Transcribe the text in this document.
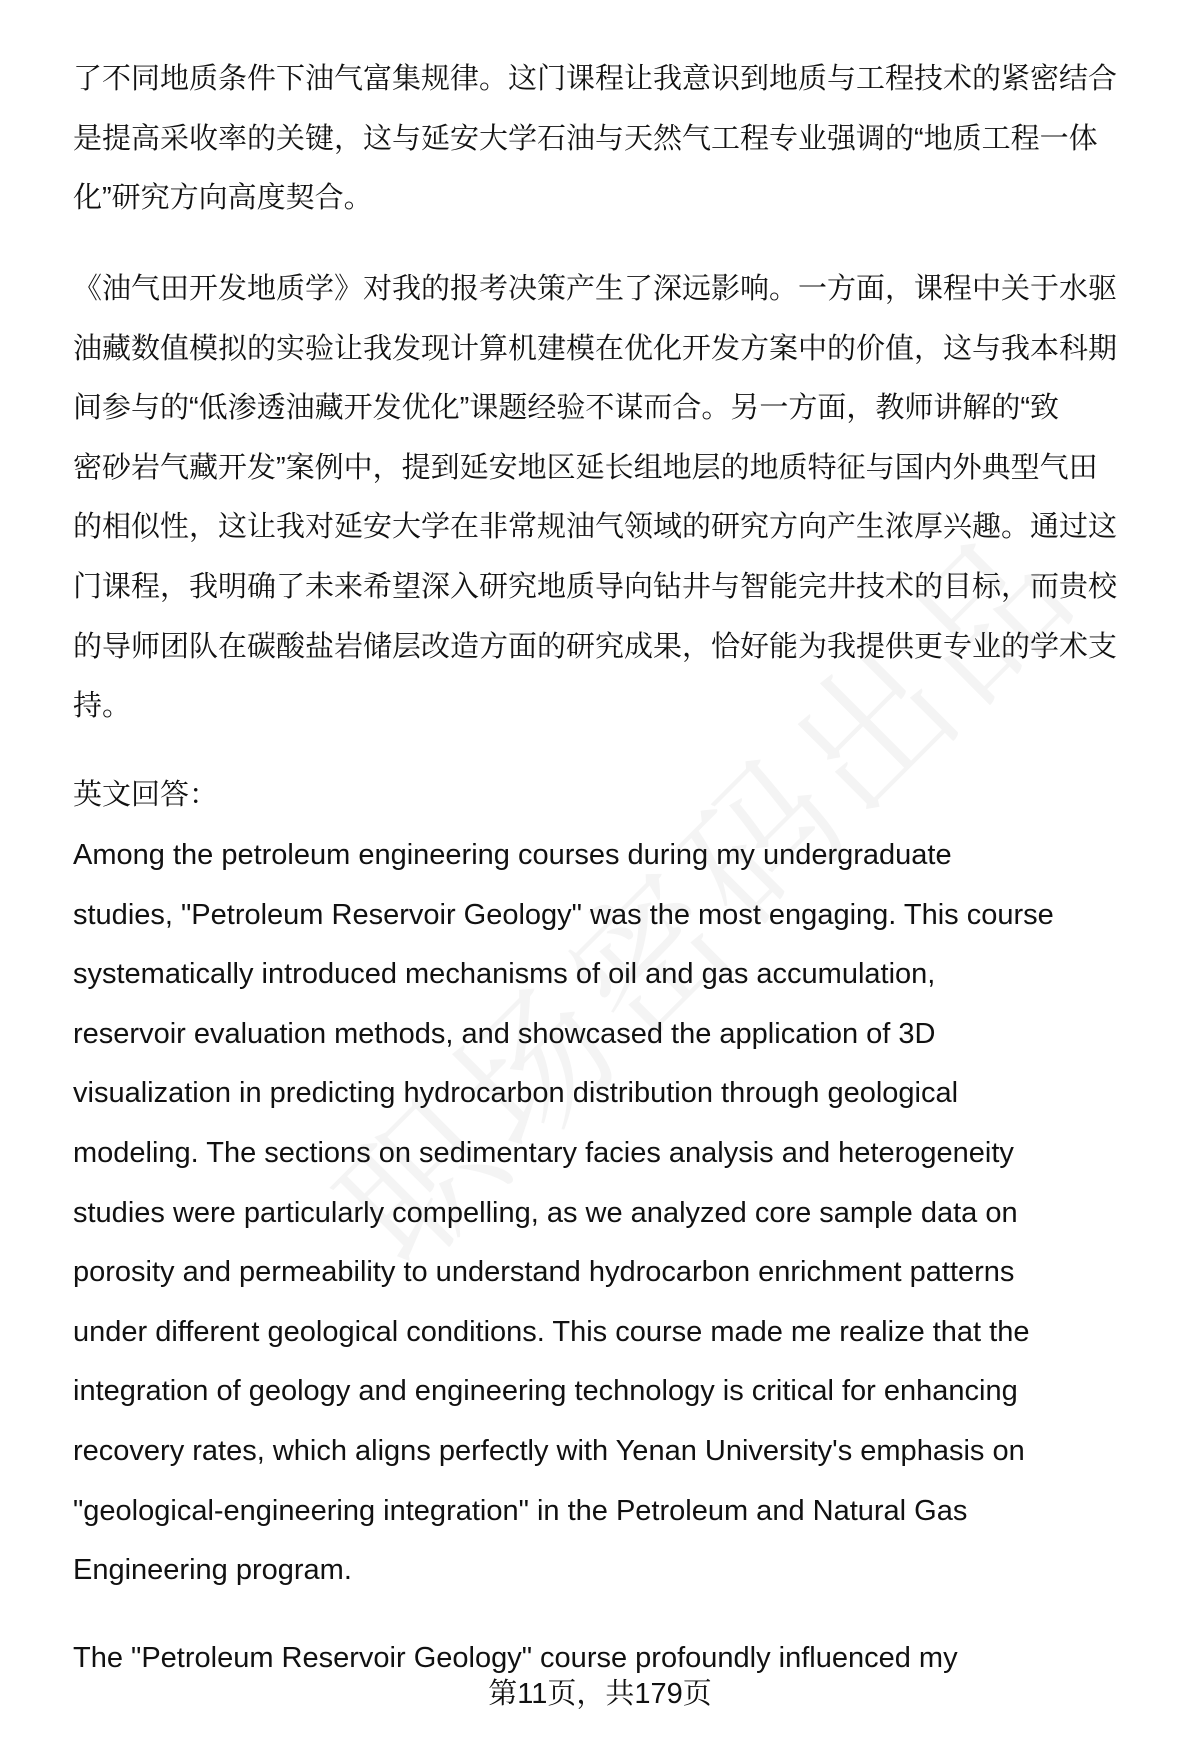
了不同地质条件下油气富集规律。这门课程让我意识到地质与工程技术的紧密结合
是提高采收率的关键，这与延安大学石油与天然气工程专业强调的“地质工程一体
化”研究方向高度契合。
《油气田开发地质学》对我的报考决策产生了深远影响。一方面，课程中关于水驱
油藏数值模拟的实验让我发现计算机建模在优化开发方案中的价值，这与我本科期
间参与的“低渗透油藏开发优化”课题经验不谋而合。另一方面，教师讲解的“致
密砂岩气藏开发”案例中，提到延安地区延长组地层的地质特征与国内外典型气田
的相似性，这让我对延安大学在非常规油气领域的研究方向产生浓厚兴趣。通过这
门课程，我明确了未来希望深入研究地质导向钻井与智能完井技术的目标，而贵校
的导师团队在碳酸盐岩储层改造方面的研究成果，恰好能为我提供更专业的学术支
持。
英文回答：
Among the petroleum engineering courses during my undergraduate
studies, "Petroleum Reservoir Geology" was the most engaging. This course
systematically introduced mechanisms of oil and gas accumulation,
reservoir evaluation methods, and showcased the application of 3D
visualization in predicting hydrocarbon distribution through geological
modeling. The sections on sedimentary facies analysis and heterogeneity
studies were particularly compelling, as we analyzed core sample data on
porosity and permeability to understand hydrocarbon enrichment patterns
under different geological conditions. This course made me realize that the
integration of geology and engineering technology is critical for enhancing
recovery rates, which aligns perfectly with Yenan University's emphasis on
"geological-engineering integration" in the Petroleum and Natural Gas
Engineering program.
The "Petroleum Reservoir Geology" course profoundly influenced my
第11页，共179页
